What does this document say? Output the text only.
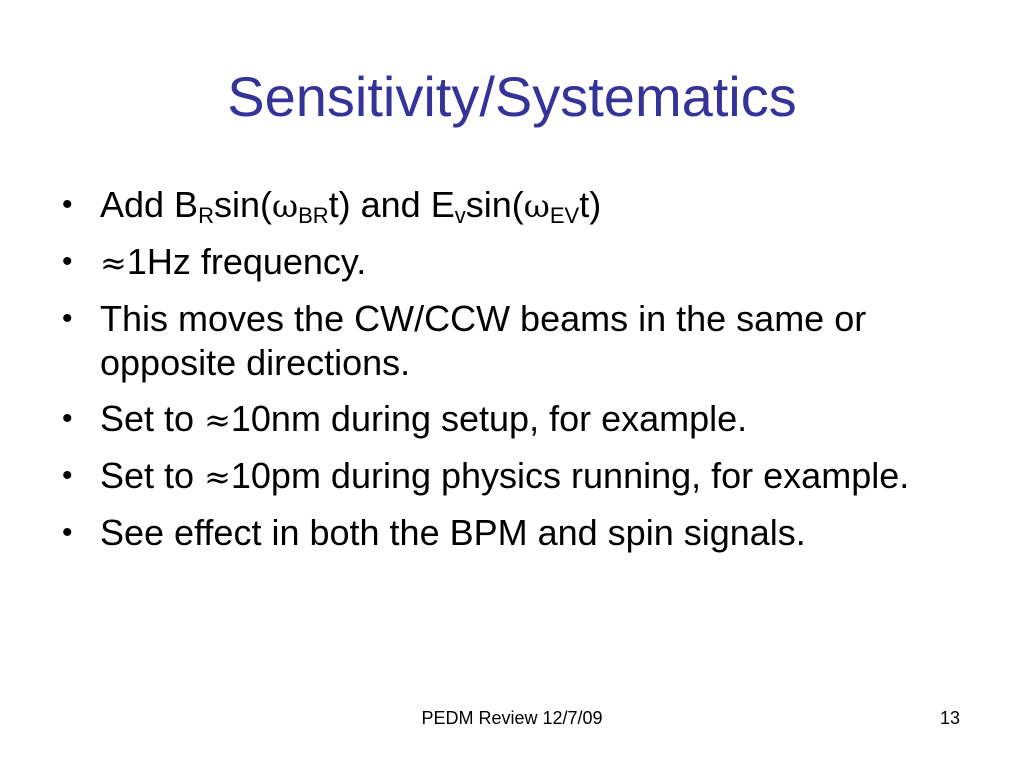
Sensitivity/Systematics
• Add $B_R\sin(\omega_{BR}t)$ and $E_v\sin(\omega_{EV}t)$
• ≈1Hz frequency.
• This moves the CW/CCW beams in the same or opposite directions.
• Set to ≈10nm during setup, for example.
• Set to ≈10pm during physics running, for example.
• See effect in both the BPM and spin signals.
PEDM Review 12/7/09	13
